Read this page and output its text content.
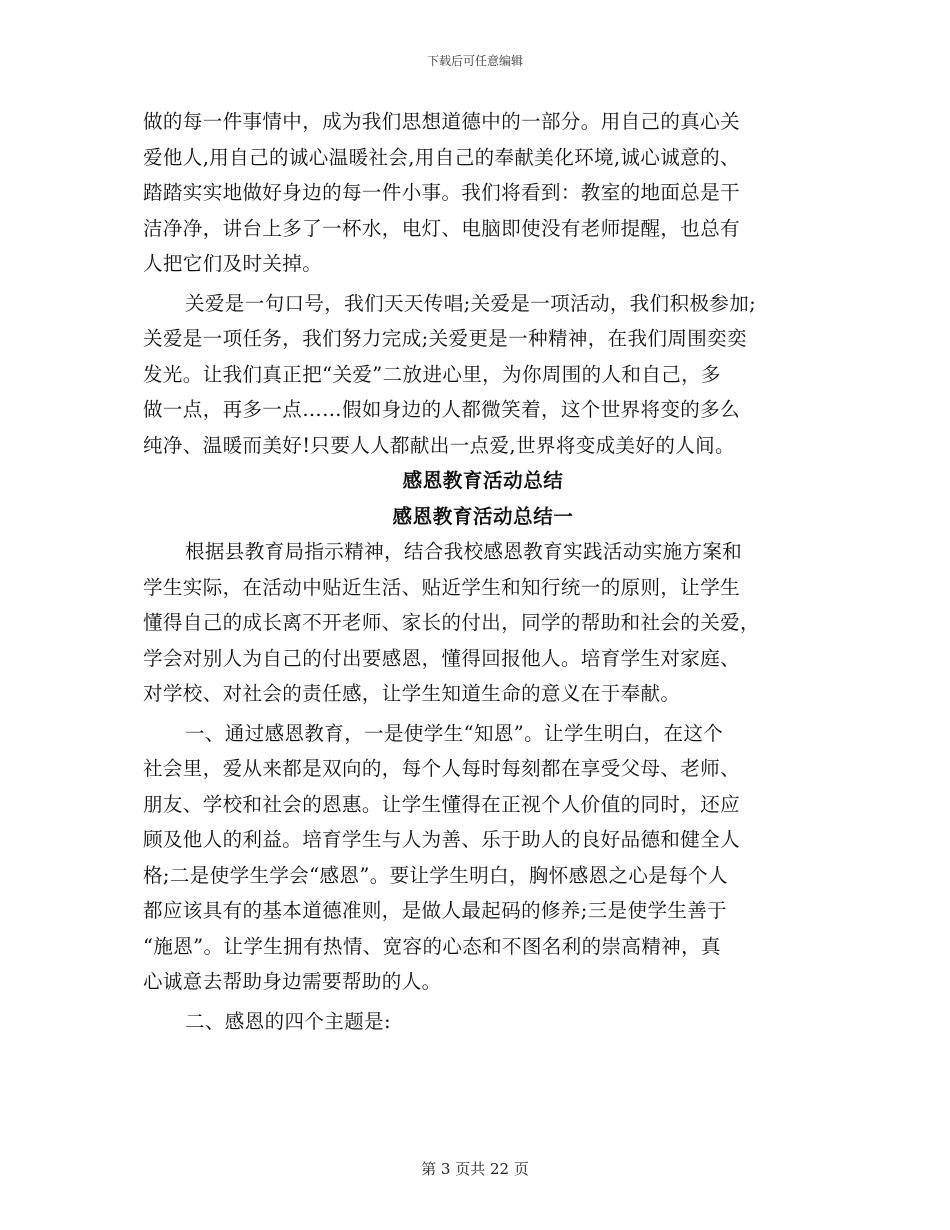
下载后可任意编辑
做的每一件事情中，成为我们思想道德中的一部分。用自己的真心关
爱他人,用自己的诚心温暖社会,用自己的奉献美化环境,诚心诚意的、
踏踏实实地做好身边的每一件小事。我们将看到：教室的地面总是干
洁净净，讲台上多了一杯水，电灯、电脑即使没有老师提醒，也总有
人把它们及时关掉。
关爱是一句口号，我们天天传唱;关爱是一项活动，我们积极参加;
关爱是一项任务，我们努力完成;关爱更是一种精神，在我们周围奕奕
发光。让我们真正把“关爱”二放进心里，为你周围的人和自己，多
做一点，再多一点……假如身边的人都微笑着，这个世界将变的多么
纯净、温暖而美好!只要人人都献出一点爱,世界将变成美好的人间。
感恩教育活动总结
感恩教育活动总结一
根据县教育局指示精神，结合我校感恩教育实践活动实施方案和
学生实际，在活动中贴近生活、贴近学生和知行统一的原则，让学生
懂得自己的成长离不开老师、家长的付出，同学的帮助和社会的关爱，
学会对别人为自己的付出要感恩，懂得回报他人。培育学生对家庭、
对学校、对社会的责任感，让学生知道生命的意义在于奉献。
一、通过感恩教育，一是使学生“知恩”。让学生明白，在这个
社会里，爱从来都是双向的，每个人每时每刻都在享受父母、老师、
朋友、学校和社会的恩惠。让学生懂得在正视个人价值的同时，还应
顾及他人的利益。培育学生与人为善、乐于助人的良好品德和健全人
格;二是使学生学会“感恩”。要让学生明白，胸怀感恩之心是每个人
都应该具有的基本道德准则，是做人最起码的修养;三是使学生善于
“施恩”。让学生拥有热情、宽容的心态和不图名利的崇高精神，真
心诚意去帮助身边需要帮助的人。
二、感恩的四个主题是:
第 3 页共 22 页
